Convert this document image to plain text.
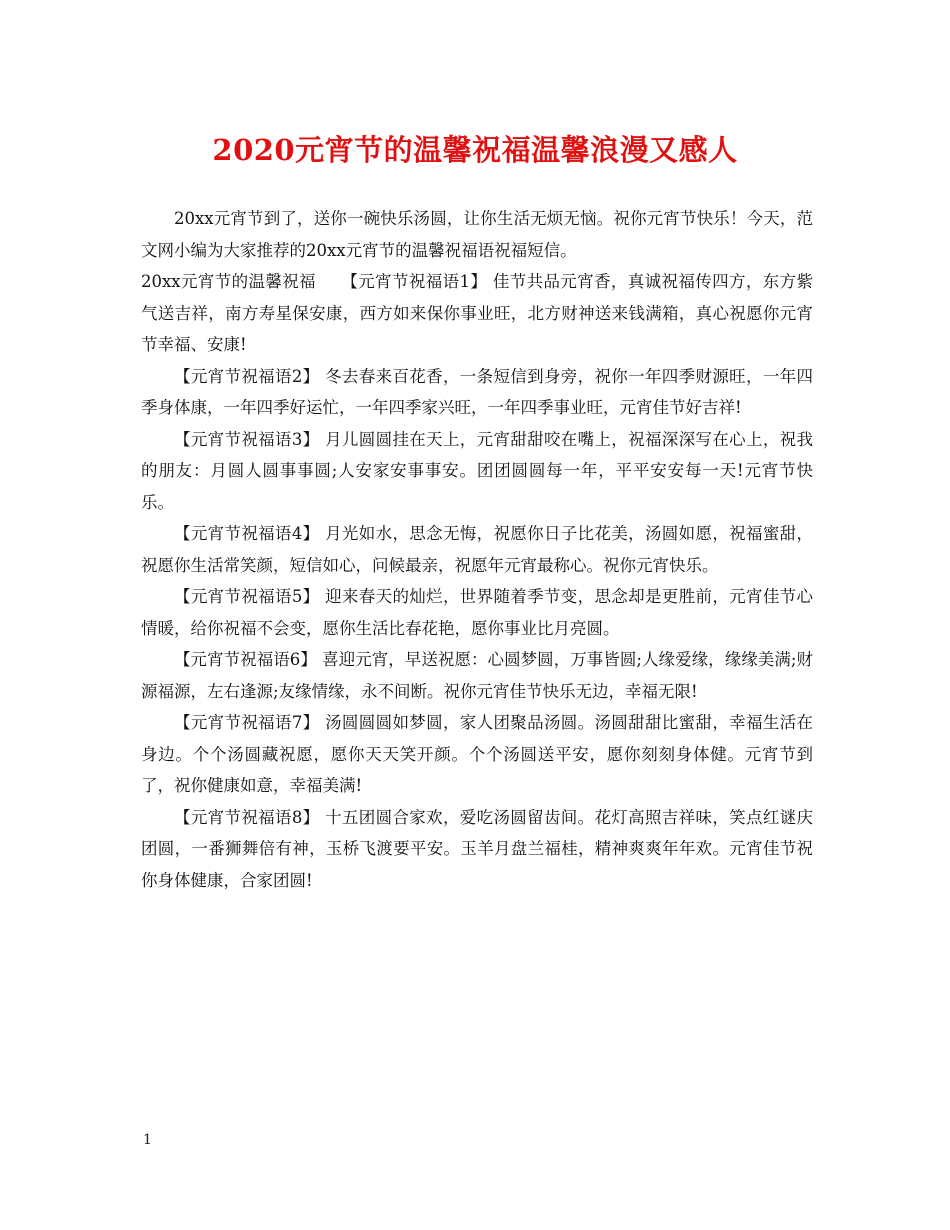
2020元宵节的温馨祝福温馨浪漫又感人

20xx元宵节到了，送你一碗快乐汤圆，让你生活无烦无恼。祝你元宵节快乐！今天，范文网小编为大家推荐的20xx元宵节的温馨祝福语祝福短信。

20xx元宵节的温馨祝福　　【元宵节祝福语1】 佳节共品元宵香，真诚祝福传四方，东方紫气送吉祥，南方寿星保安康，西方如来保你事业旺，北方财神送来钱满箱，真心祝愿你元宵节幸福、安康!

【元宵节祝福语2】 冬去春来百花香，一条短信到身旁，祝你一年四季财源旺，一年四季身体康，一年四季好运忙，一年四季家兴旺，一年四季事业旺，元宵佳节好吉祥!

【元宵节祝福语3】 月儿圆圆挂在天上，元宵甜甜咬在嘴上，祝福深深写在心上，祝我的朋友：月圆人圆事事圆;人安家安事事安。团团圆圆每一年，平平安安每一天!元宵节快乐。

【元宵节祝福语4】 月光如水，思念无悔，祝愿你日子比花美，汤圆如愿，祝福蜜甜，祝愿你生活常笑颜，短信如心，问候最亲，祝愿年元宵最称心。祝你元宵快乐。

【元宵节祝福语5】 迎来春天的灿烂，世界随着季节变，思念却是更胜前，元宵佳节心情暖，给你祝福不会变，愿你生活比春花艳，愿你事业比月亮圆。

【元宵节祝福语6】 喜迎元宵，早送祝愿：心圆梦圆，万事皆圆;人缘爱缘，缘缘美满;财源福源，左右逢源;友缘情缘，永不间断。祝你元宵佳节快乐无边，幸福无限!

【元宵节祝福语7】 汤圆圆圆如梦圆，家人团聚品汤圆。汤圆甜甜比蜜甜，幸福生活在身边。个个汤圆藏祝愿，愿你天天笑开颜。个个汤圆送平安，愿你刻刻身体健。元宵节到了，祝你健康如意，幸福美满!

【元宵节祝福语8】 十五团圆合家欢，爱吃汤圆留齿间。花灯高照吉祥味，笑点红谜庆团圆，一番狮舞倍有神，玉桥飞渡要平安。玉羊月盘兰福桂，精神爽爽年年欢。元宵佳节祝你身体健康，合家团圆!

1
